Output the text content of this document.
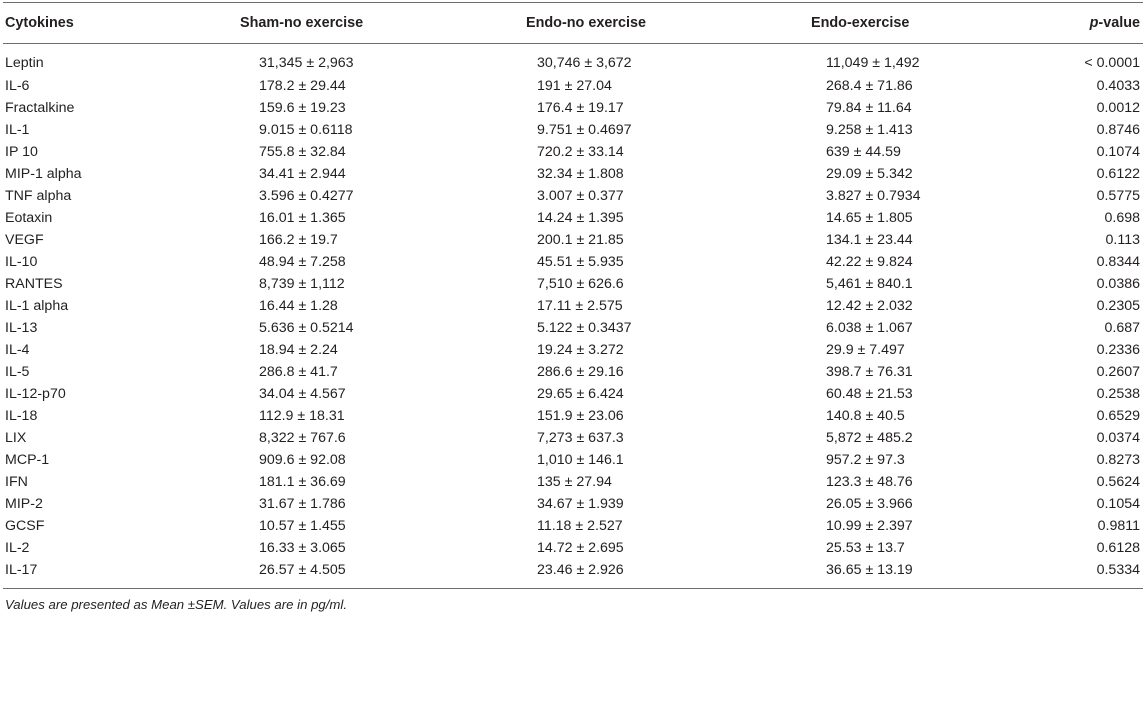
Cytokines	Sham-no exercise	Endo-no exercise	Endo-exercise	p-value
Leptin	31,345 ± 2,963	30,746 ± 3,672	11,049 ± 1,492	< 0.0001
IL-6	178.2 ± 29.44	191 ± 27.04	268.4 ± 71.86	0.4033
Fractalkine	159.6 ± 19.23	176.4 ± 19.17	79.84 ± 11.64	0.0012
IL-1	9.015 ± 0.6118	9.751 ± 0.4697	9.258 ± 1.413	0.8746
IP 10	755.8 ± 32.84	720.2 ± 33.14	639 ± 44.59	0.1074
MIP-1 alpha	34.41 ± 2.944	32.34 ± 1.808	29.09 ± 5.342	0.6122
TNF alpha	3.596 ± 0.4277	3.007 ± 0.377	3.827 ± 0.7934	0.5775
Eotaxin	16.01 ± 1.365	14.24 ± 1.395	14.65 ± 1.805	0.698
VEGF	166.2 ± 19.7	200.1 ± 21.85	134.1 ± 23.44	0.113
IL-10	48.94 ± 7.258	45.51 ± 5.935	42.22 ± 9.824	0.8344
RANTES	8,739 ± 1,112	7,510 ± 626.6	5,461 ± 840.1	0.0386
IL-1 alpha	16.44 ± 1.28	17.11 ± 2.575	12.42 ± 2.032	0.2305
IL-13	5.636 ± 0.5214	5.122 ± 0.3437	6.038 ± 1.067	0.687
IL-4	18.94 ± 2.24	19.24 ± 3.272	29.9 ± 7.497	0.2336
IL-5	286.8 ± 41.7	286.6 ± 29.16	398.7 ± 76.31	0.2607
IL-12-p70	34.04 ± 4.567	29.65 ± 6.424	60.48 ± 21.53	0.2538
IL-18	112.9 ± 18.31	151.9 ± 23.06	140.8 ± 40.5	0.6529
LIX	8,322 ± 767.6	7,273 ± 637.3	5,872 ± 485.2	0.0374
MCP-1	909.6 ± 92.08	1,010 ± 146.1	957.2 ± 97.3	0.8273
IFN	181.1 ± 36.69	135 ± 27.94	123.3 ± 48.76	0.5624
MIP-2	31.67 ± 1.786	34.67 ± 1.939	26.05 ± 3.966	0.1054
GCSF	10.57 ± 1.455	11.18 ± 2.527	10.99 ± 2.397	0.9811
IL-2	16.33 ± 3.065	14.72 ± 2.695	25.53 ± 13.7	0.6128
IL-17	26.57 ± 4.505	23.46 ± 2.926	36.65 ± 13.19	0.5334
Values are presented as Mean ±SEM. Values are in pg/ml.
